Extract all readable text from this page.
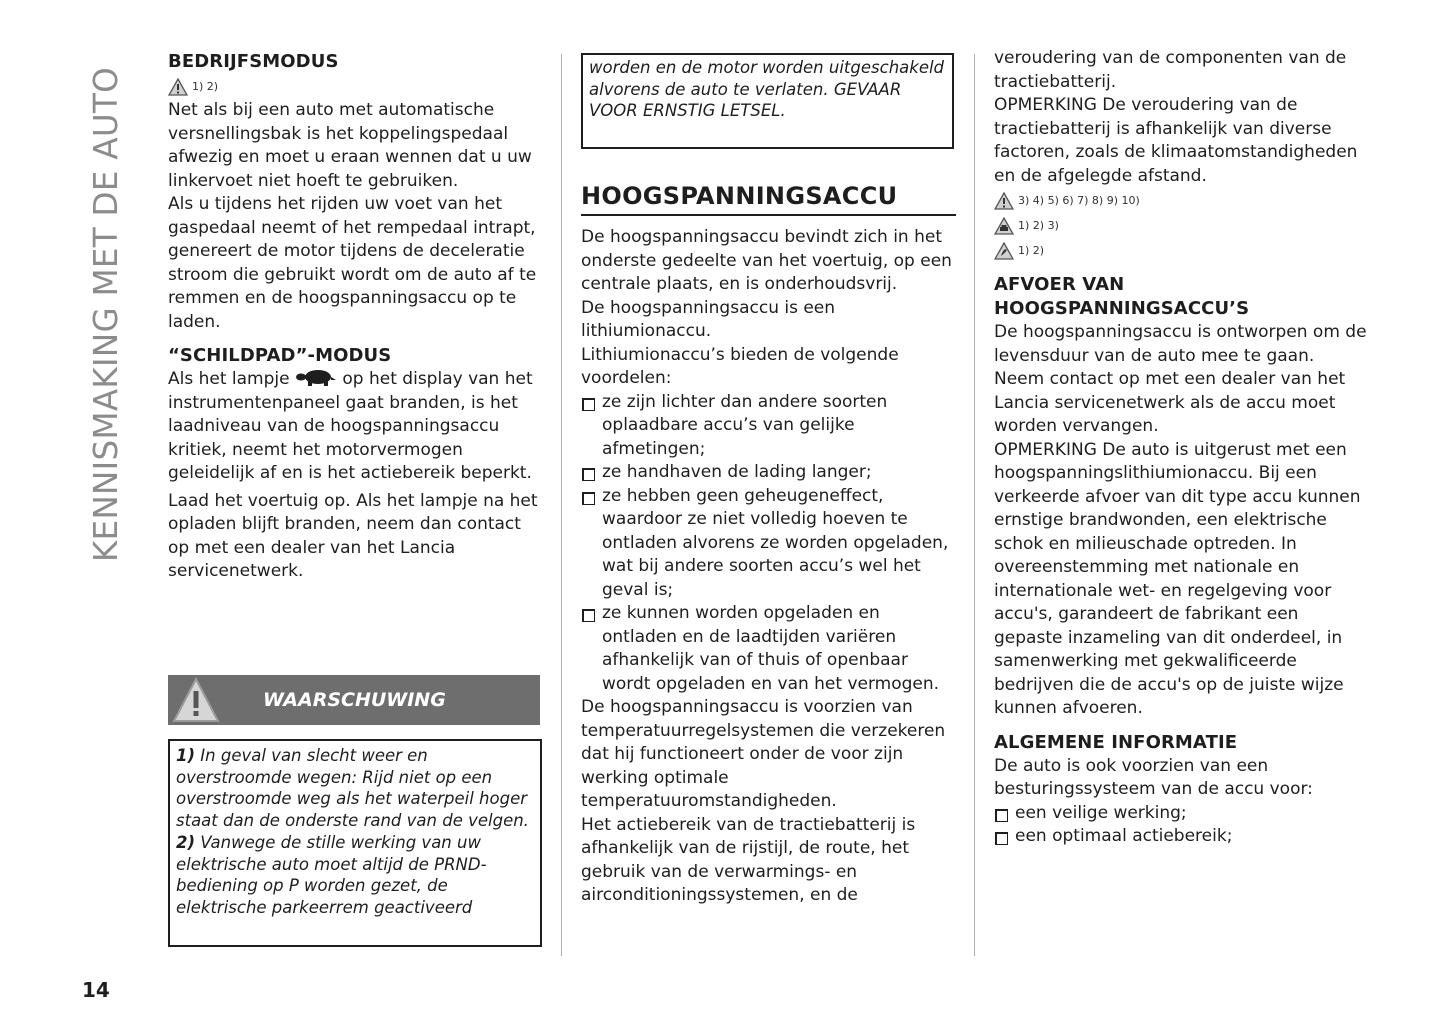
KENNISMAKING MET DE AUTO
BEDRIJFSMODUS
1) 2)

Net als bij een auto met automatische versnellingsbak is het koppelingspedaal afwezig en moet u eraan wennen dat u uw linkervoet niet hoeft te gebruiken.

Als u tijdens het rijden uw voet van het gaspedaal neemt of het rempedaal intrapt, genereert de motor tijdens de deceleratie stroom die gebruikt wordt om de auto af te remmen en de hoogspanningsaccu op te laden.

“SCHILDPAD”-MODUS

Als het lampje	op het display van het instrumentenpaneel gaat branden, is het laadniveau van de hoogspanningsaccu kritiek, neemt het motorvermogen geleidelijk af en is het actiebereik beperkt.

Laad het voertuig op. Als het lampje na het opladen blijft branden, neem dan contact op met een dealer van het Lancia servicenetwerk.

WAARSCHUWING

1) In geval van slecht weer en overstroomde wegen: Rijd niet op een overstroomde weg als het waterpeil hoger staat dan de onderste rand van de velgen.

2) Vanwege de stille werking van uw elektrische auto moet altijd de PRND-bediening op P worden gezet, de elektrische parkeerrem geactiveerd

worden en de motor worden uitgeschakeld alvorens de auto te verlaten. GEVAAR VOOR ERNSTIG LETSEL.

HOOGSPANNINGSACCU

De hoogspanningsaccu bevindt zich in het onderste gedeelte van het voertuig, op een centrale plaats, en is onderhoudsvrij.

De hoogspanningsaccu is een lithiumionaccu.

Lithiumionaccu’s bieden de volgende voordelen:

ze zijn lichter dan andere soorten oplaadbare accu’s van gelijke afmetingen;

ze handhaven de lading langer;

ze hebben geen geheugeneffect, waardoor ze niet volledig hoeven te ontladen alvorens ze worden opgeladen, wat bij andere soorten accu’s wel het geval is;

ze kunnen worden opgeladen en ontladen en de laadtijden variëren afhankelijk van of thuis of openbaar wordt opgeladen en van het vermogen.

De hoogspanningsaccu is voorzien van temperatuurregelsystemen die verzekeren dat hij functioneert onder de voor zijn werking optimale temperatuuromstandigheden.

Het actiebereik van de tractiebatterij is afhankelijk van de rijstijl, de route, het gebruik van de verwarmings- en airconditioningssystemen, en de

veroudering van de componenten van de tractiebatterij.

OPMERKING De veroudering van de tractiebatterij is afhankelijk van diverse factoren, zoals de klimaatomstandigheden en de afgelegde afstand.

3) 4) 5) 6) 7) 8) 9) 10)
1) 2) 3)
1) 2)
AFVOER VAN
HOOGSPANNINGSACCU’S

De hoogspanningsaccu is ontworpen om de levensduur van de auto mee te gaan. Neem contact op met een dealer van het Lancia servicenetwerk als de accu moet worden vervangen.

OPMERKING De auto is uitgerust met een hoogspanningslithiumionaccu. Bij een verkeerde afvoer van dit type accu kunnen ernstige brandwonden, een elektrische schok en milieuschade optreden. In overeenstemming met nationale en internationale wet- en regelgeving voor accu's, garandeert de fabrikant een gepaste inzameling van dit onderdeel, in samenwerking met gekwalificeerde bedrijven die de accu's op de juiste wijze kunnen afvoeren.

ALGEMENE INFORMATIE

De auto is ook voorzien van een besturingssysteem van de accu voor:

een veilige werking;

een optimaal actiebereik;

14
